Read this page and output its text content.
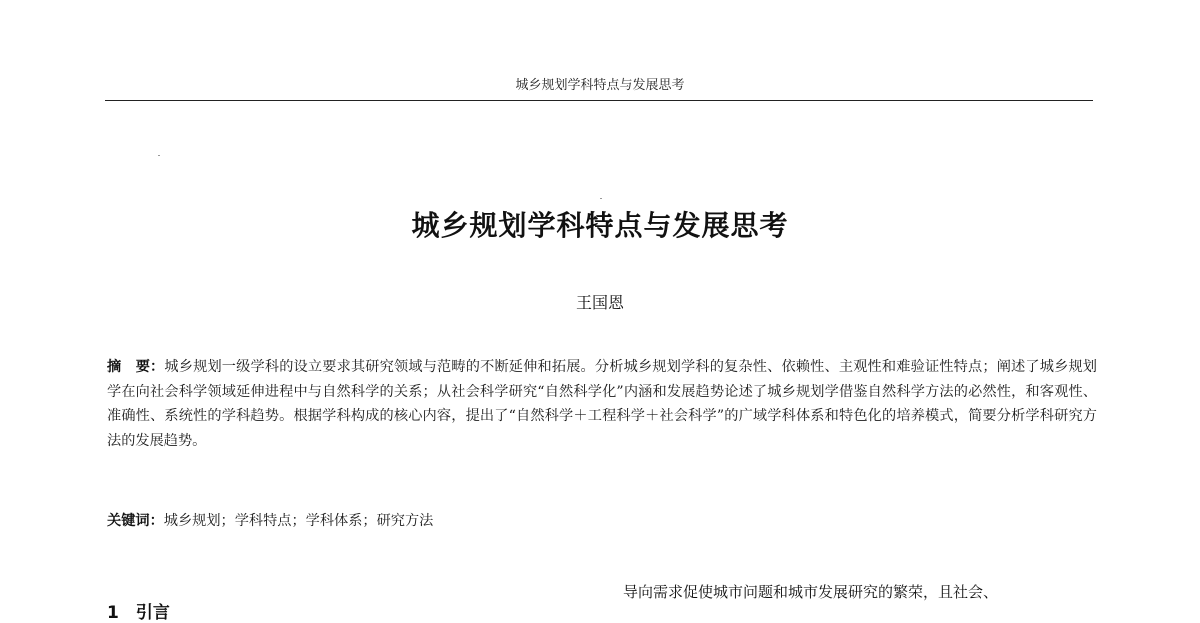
城乡规划学科特点与发展思考
城乡规划学科特点与发展思考
王国恩
摘　要：城乡规划一级学科的设立要求其研究领域与范畴的不断延伸和拓展。分析城乡规划学科的复杂性、依赖性、主观性和难验证性特点；阐述了城乡规划学在向社会科学领域延伸进程中与自然科学的关系；从社会科学研究“自然科学化”内涵和发展趋势论述了城乡规划学借鉴自然科学方法的必然性，和客观性、准确性、系统性的学科趋势。根据学科构成的核心内容，提出了“自然科学＋工程科学＋社会科学”的广域学科体系和特色化的培养模式，简要分析学科研究方法的发展趋势。
关键词：城乡规划；学科特点；学科体系；研究方法
1　引言
导向需求促使城市问题和城市发展研究的繁荣，且社会、
